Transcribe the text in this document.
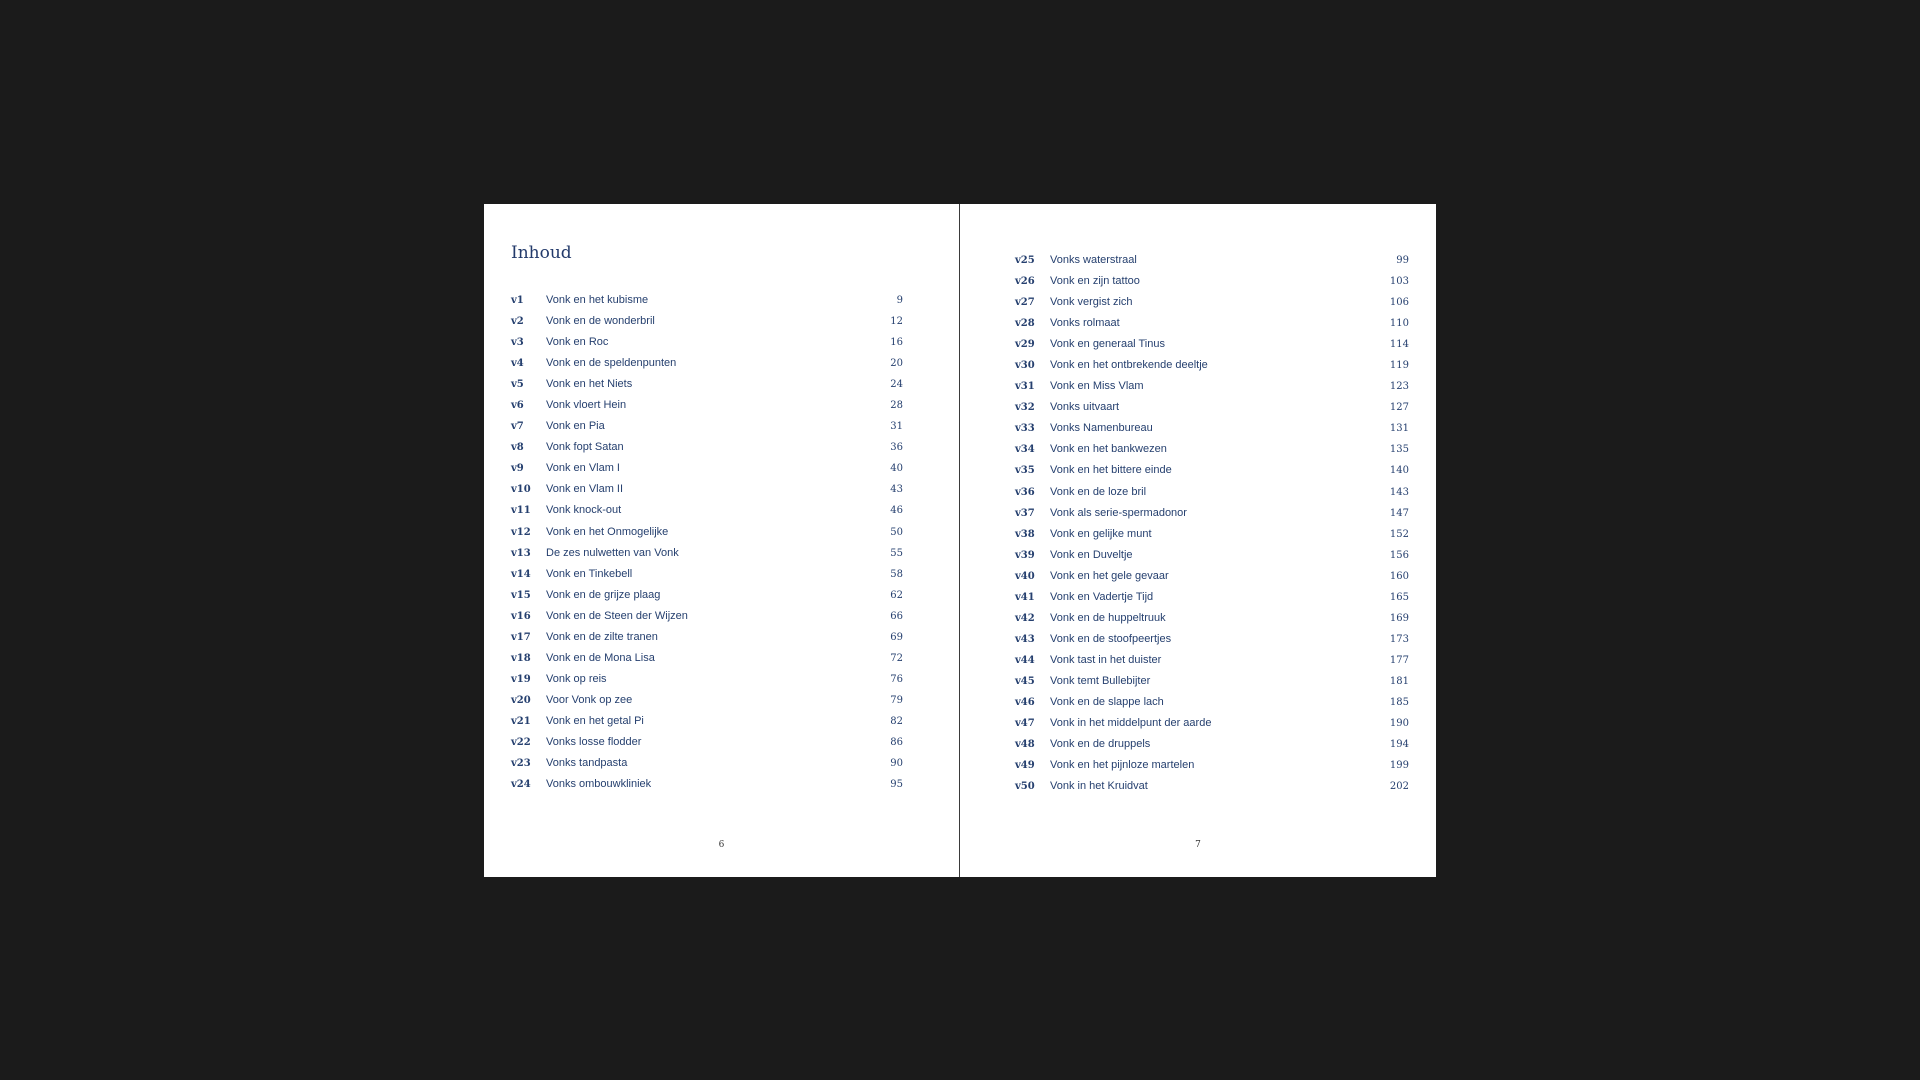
Inhoud
v1	Vonk en het kubisme	9
v2	Vonk en de wonderbril	12
v3	Vonk en Roc	16
v4	Vonk en de speldenpunten	20
v5	Vonk en het Niets	24
v6	Vonk vloert Hein	28
v7	Vonk en Pia	31
v8	Vonk fopt Satan	36
v9	Vonk en Vlam I	40
v10	Vonk en Vlam II	43
v11	Vonk knock-out	46
v12	Vonk en het Onmogelijke	50
v13	De zes nulwetten van Vonk	55
v14	Vonk en Tinkebell	58
v15	Vonk en de grijze plaag	62
v16	Vonk en de Steen der Wijzen	66
v17	Vonk en de zilte tranen	69
v18	Vonk en de Mona Lisa	72
v19	Vonk op reis	76
v20	Voor Vonk op zee	79
v21	Vonk en het getal Pi	82
v22	Vonks losse flodder	86
v23	Vonks tandpasta	90
v24	Vonks ombouwkliniek	95
6
v25	Vonks waterstraal	99
v26	Vonk en zijn tattoo	103
v27	Vonk vergist zich	106
v28	Vonks rolmaat	110
v29	Vonk en generaal Tinus	114
v30	Vonk en het ontbrekende deeltje	119
v31	Vonk en Miss Vlam	123
v32	Vonks uitvaart	127
v33	Vonks Namenbureau	131
v34	Vonk en het bankwezen	135
v35	Vonk en het bittere einde	140
v36	Vonk en de loze bril	143
v37	Vonk als serie-spermadonor	147
v38	Vonk en gelijke munt	152
v39	Vonk en Duveltje	156
v40	Vonk en het gele gevaar	160
v41	Vonk en Vadertje Tijd	165
v42	Vonk en de huppeltruuk	169
v43	Vonk en de stoofpeertjes	173
v44	Vonk tast in het duister	177
v45	Vonk temt Bullebijter	181
v46	Vonk en de slappe lach	185
v47	Vonk in het middelpunt der aarde	190
v48	Vonk en de druppels	194
v49	Vonk en het pijnloze martelen	199
v50	Vonk in het Kruidvat	202
7
